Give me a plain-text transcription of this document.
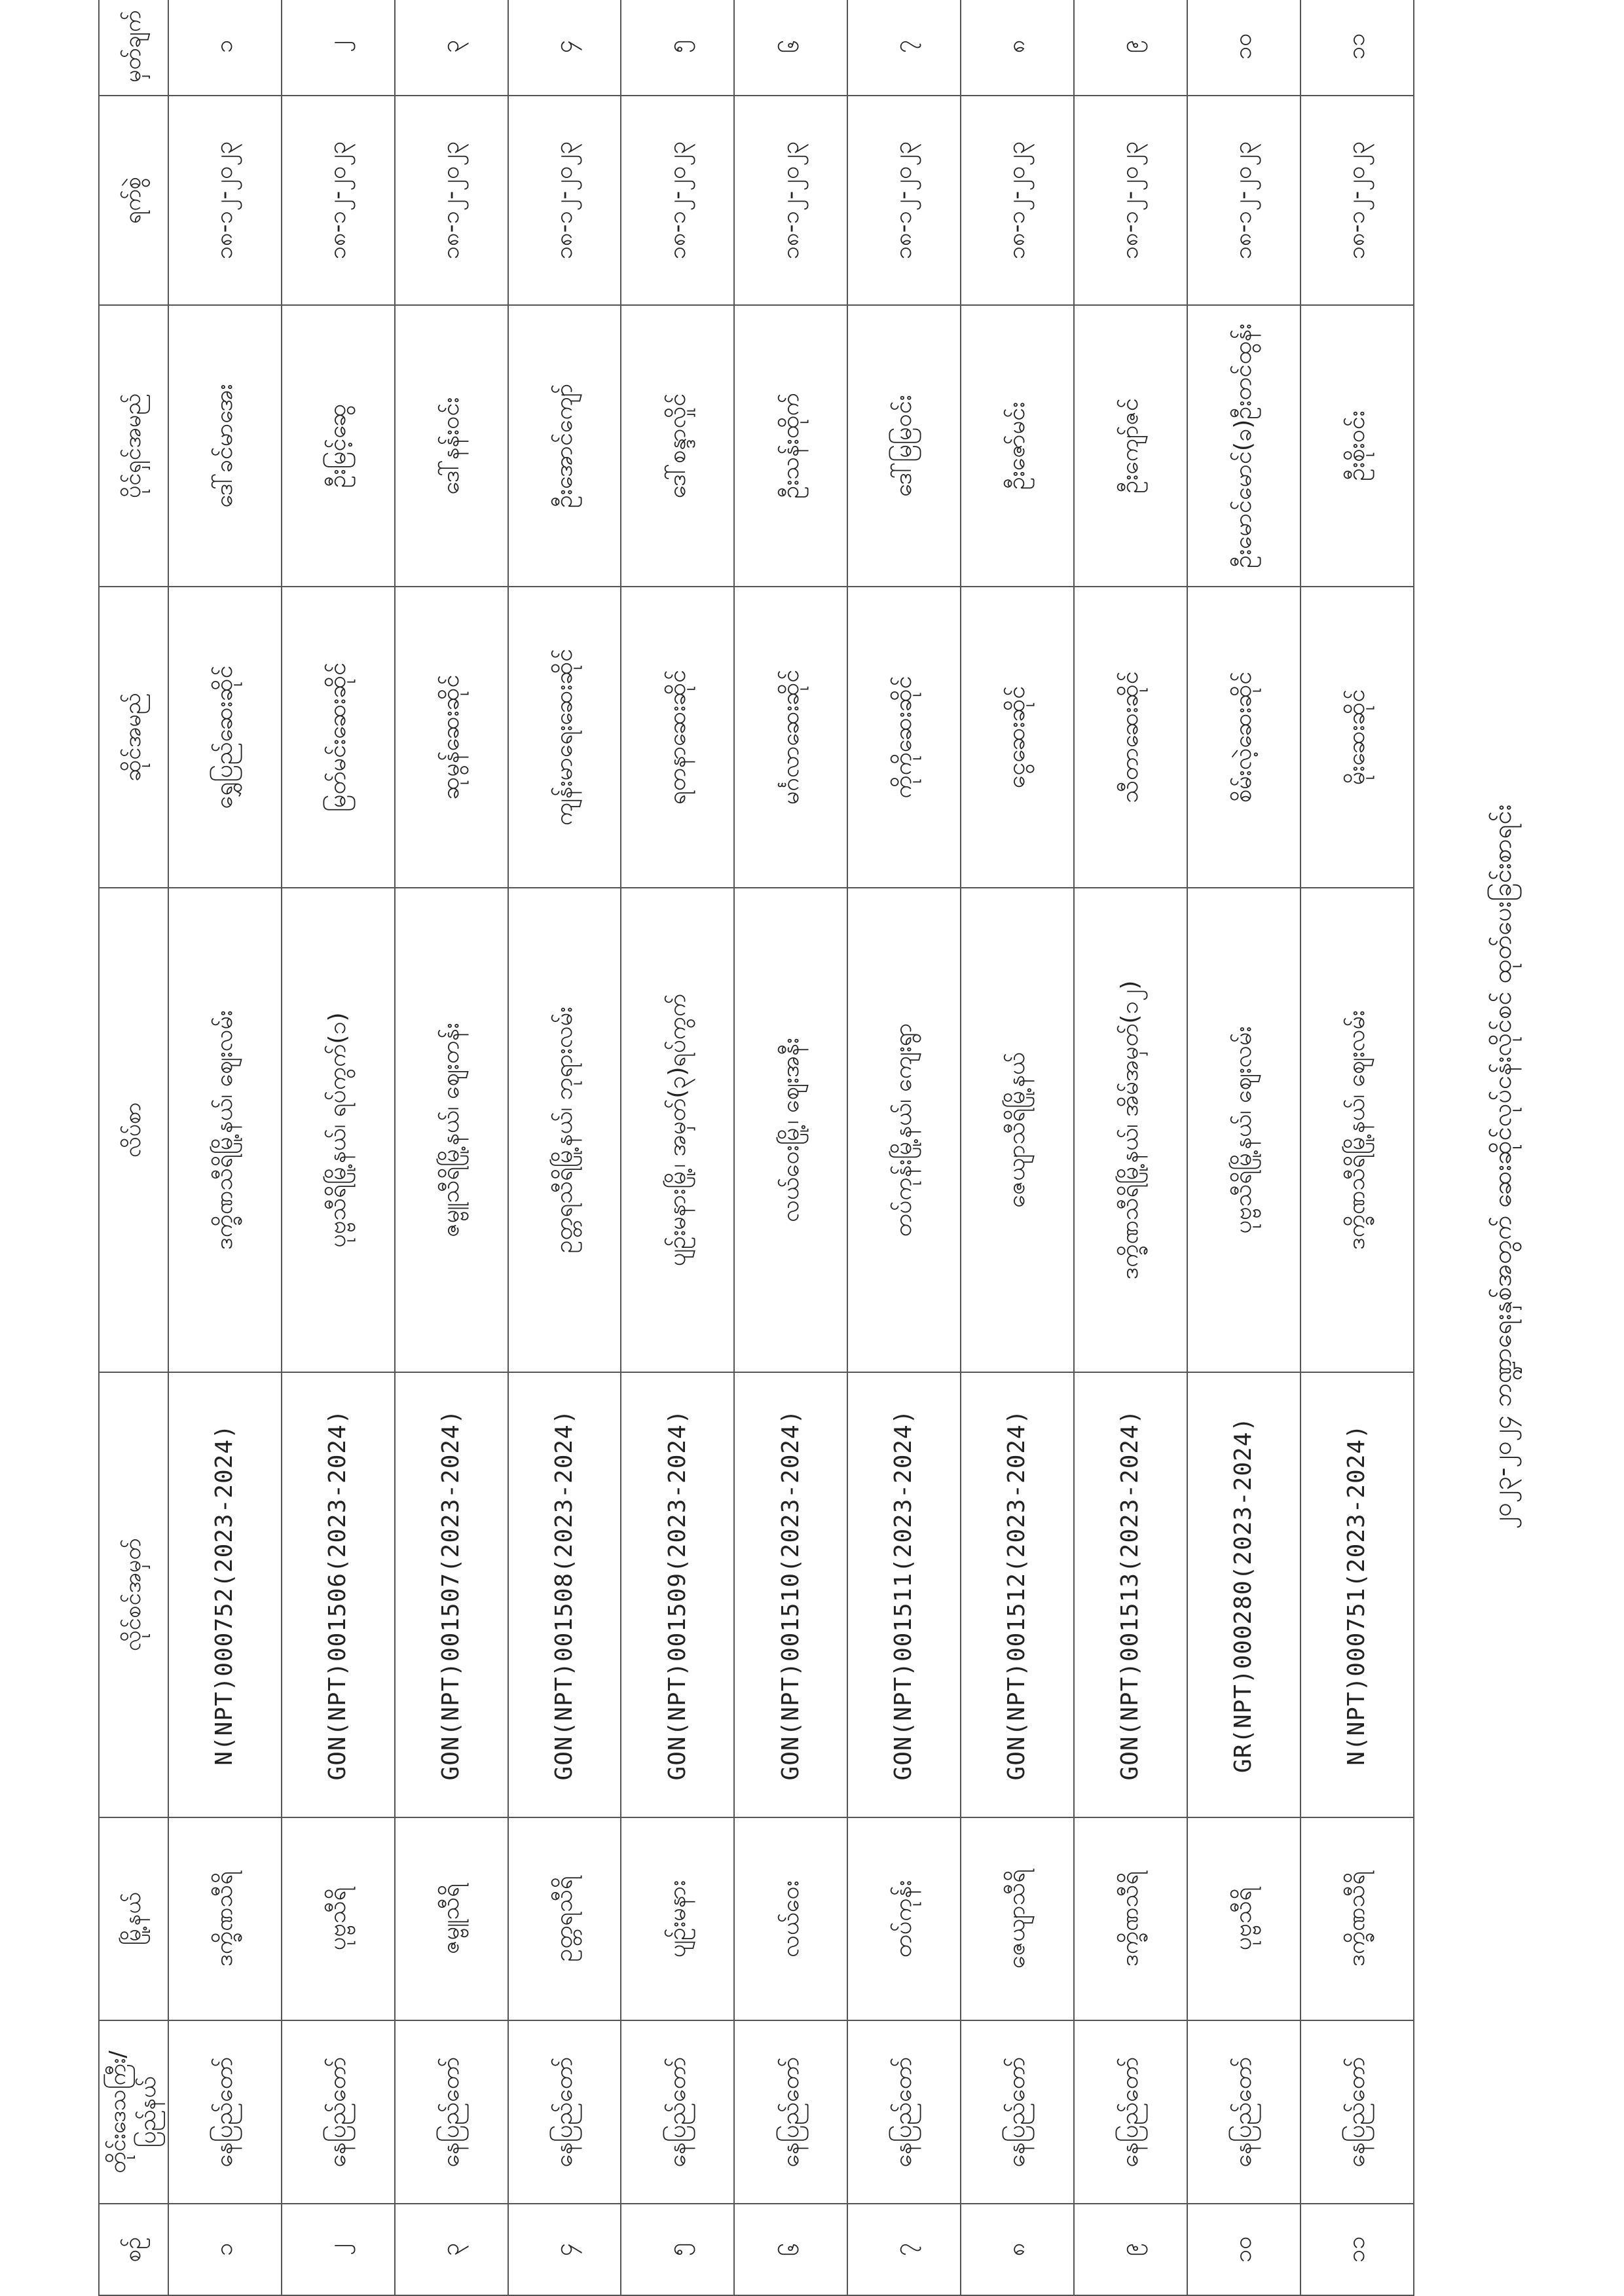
စဉ်	တိုင်းဒေသကြီး/ပြည်နယ်	မြို့နယ်	လိုင်စင်အမှတ်	လိပ်စာ	ဆိုင်အမည်	ပိုင်ရှင်အမည်	ရက်စွဲ	မှတ်ချက်
၁	နေပြည်တော်	ဒက္ခိဏသီရိ	N(NPT)000752(2023-2024)	ဒက္ခိဏသီရိမြို့နယ်၊ ဈေးလမ်း	ရွှေပြည်ဆေးဆိုင်	ဒေါ်ခင်မာအေး	၁၈-၁၂-၂၀၂၃	၁
၂	နေပြည်တော်	ပုဗ္ဗသီရိ	GON(NPT)001506(2023-2024)	ပုဗ္ဗသီရိမြို့နယ်၊ ရပ်ကွက်(၁)	မြတ်မင်းဆေးဆိုင်	ဦးမြင့်ဆွေ	၁၈-၁၂-၂၀၂၃	၂
၃	နေပြည်တော်	ဇမ္ဗူသီရိ	GON(NPT)001507(2023-2024)	ဇမ္ဗူသီရိမြို့နယ်၊ ဈေးတန်း	ဆုမွန်ဆေးဆိုင်	ဒေါ်နန်းဝင်း	၁၈-၁၂-၂၀၂၃	၃
၄	နေပြည်တော်	ဥတ္တရသီရိ	GON(NPT)001508(2023-2024)	ဥတ္တရသီရိမြို့နယ်၊ ဘုရားလမ်း	ကျန်းမာရေးဆေးဆိုင်	ဦးအောင်ကျော်	၁၈-၁၂-၂၀၂၃	၄
၅	နေပြည်တော်	ပျဉ်းမနား	GON(NPT)001509(2023-2024)	ပျဉ်းမနားမြို့၊ အမှတ်(၃)ရပ်ကွက်	ရတနာဆေးဆိုင်	ဒေါ်စန္ဒာလှိုင်	၁၈-၁၂-၂၀၂၃	၅
၆	နေပြည်တော်	လယ်ဝေး	GON(NPT)001510(2023-2024)	လယ်ဝေးမြို့၊ ဈေးအနီး	မင်္ဂလာဆေးဆိုင်	ဦးသန်းထိုက်	၁၈-၁၂-၂၀၂၃	၆
၇	နေပြည်တော်	တပ်ကုန်း	GON(NPT)001511(2023-2024)	တပ်ကုန်းမြို့နယ်၊ ကျေးရွာ	ကိုကိုဆေးဆိုင်	ဒေါ်မြမြဝင်း	၁၈-၁၂-၂၀၂၃	၇
၈	နေပြည်တော်	ဇေယျာသီရိ	GON(NPT)001512(2023-2024)	ဇေယျာသီရိမြို့နယ်	ငွေဆေးဆိုင်	ဦးဇော်မင်း	၁၈-၁၂-၂၀၂၃	၈
၉	နေပြည်တော်	ဒက္ခိဏသီရိ	GON(NPT)001513(2023-2024)	ဒက္ခိဏသီရိမြို့နယ်၊ အိမ်အမှတ်(၁၂)	သီတာဆေးဆိုင်	ဦးကျော်ဇင်	၁၈-၁၂-၂၀၂၃	၉
၁၀	နေပြည်တော်	ပုဗ္ဗသီရိ	GR(NPT)000280(2023-2024)	ပုဗ္ဗသီရိမြို့နယ်၊ ဈေးလမ်း	စိမ်းလဲ့ဆေးဆိုင်	ဦးမောင်မောင်(ခ)ဦးတင်ထွန်း	၁၈-၁၂-၂၀၂၃	၁၀
၁၁	နေပြည်တော်	ဒက္ခိဏသီရိ	N(NPT)000751(2023-2024)	ဒက္ခိဏသီရိမြို့နယ်၊ ဈေးလမ်း	မိုးဆေးဆိုင်	ဦးစိုးဝင်း	၁၈-၁၂-၂၀၂၃	၁၁
၂၀၂၃-၂၀၂၄ ဘဏ္ဍာရေးနှစ်အတွက် ဆေးဆိုင်လုပ်ငန်းလိုင်စင် ထုတ်ပေးခြင်းစာရင်း
